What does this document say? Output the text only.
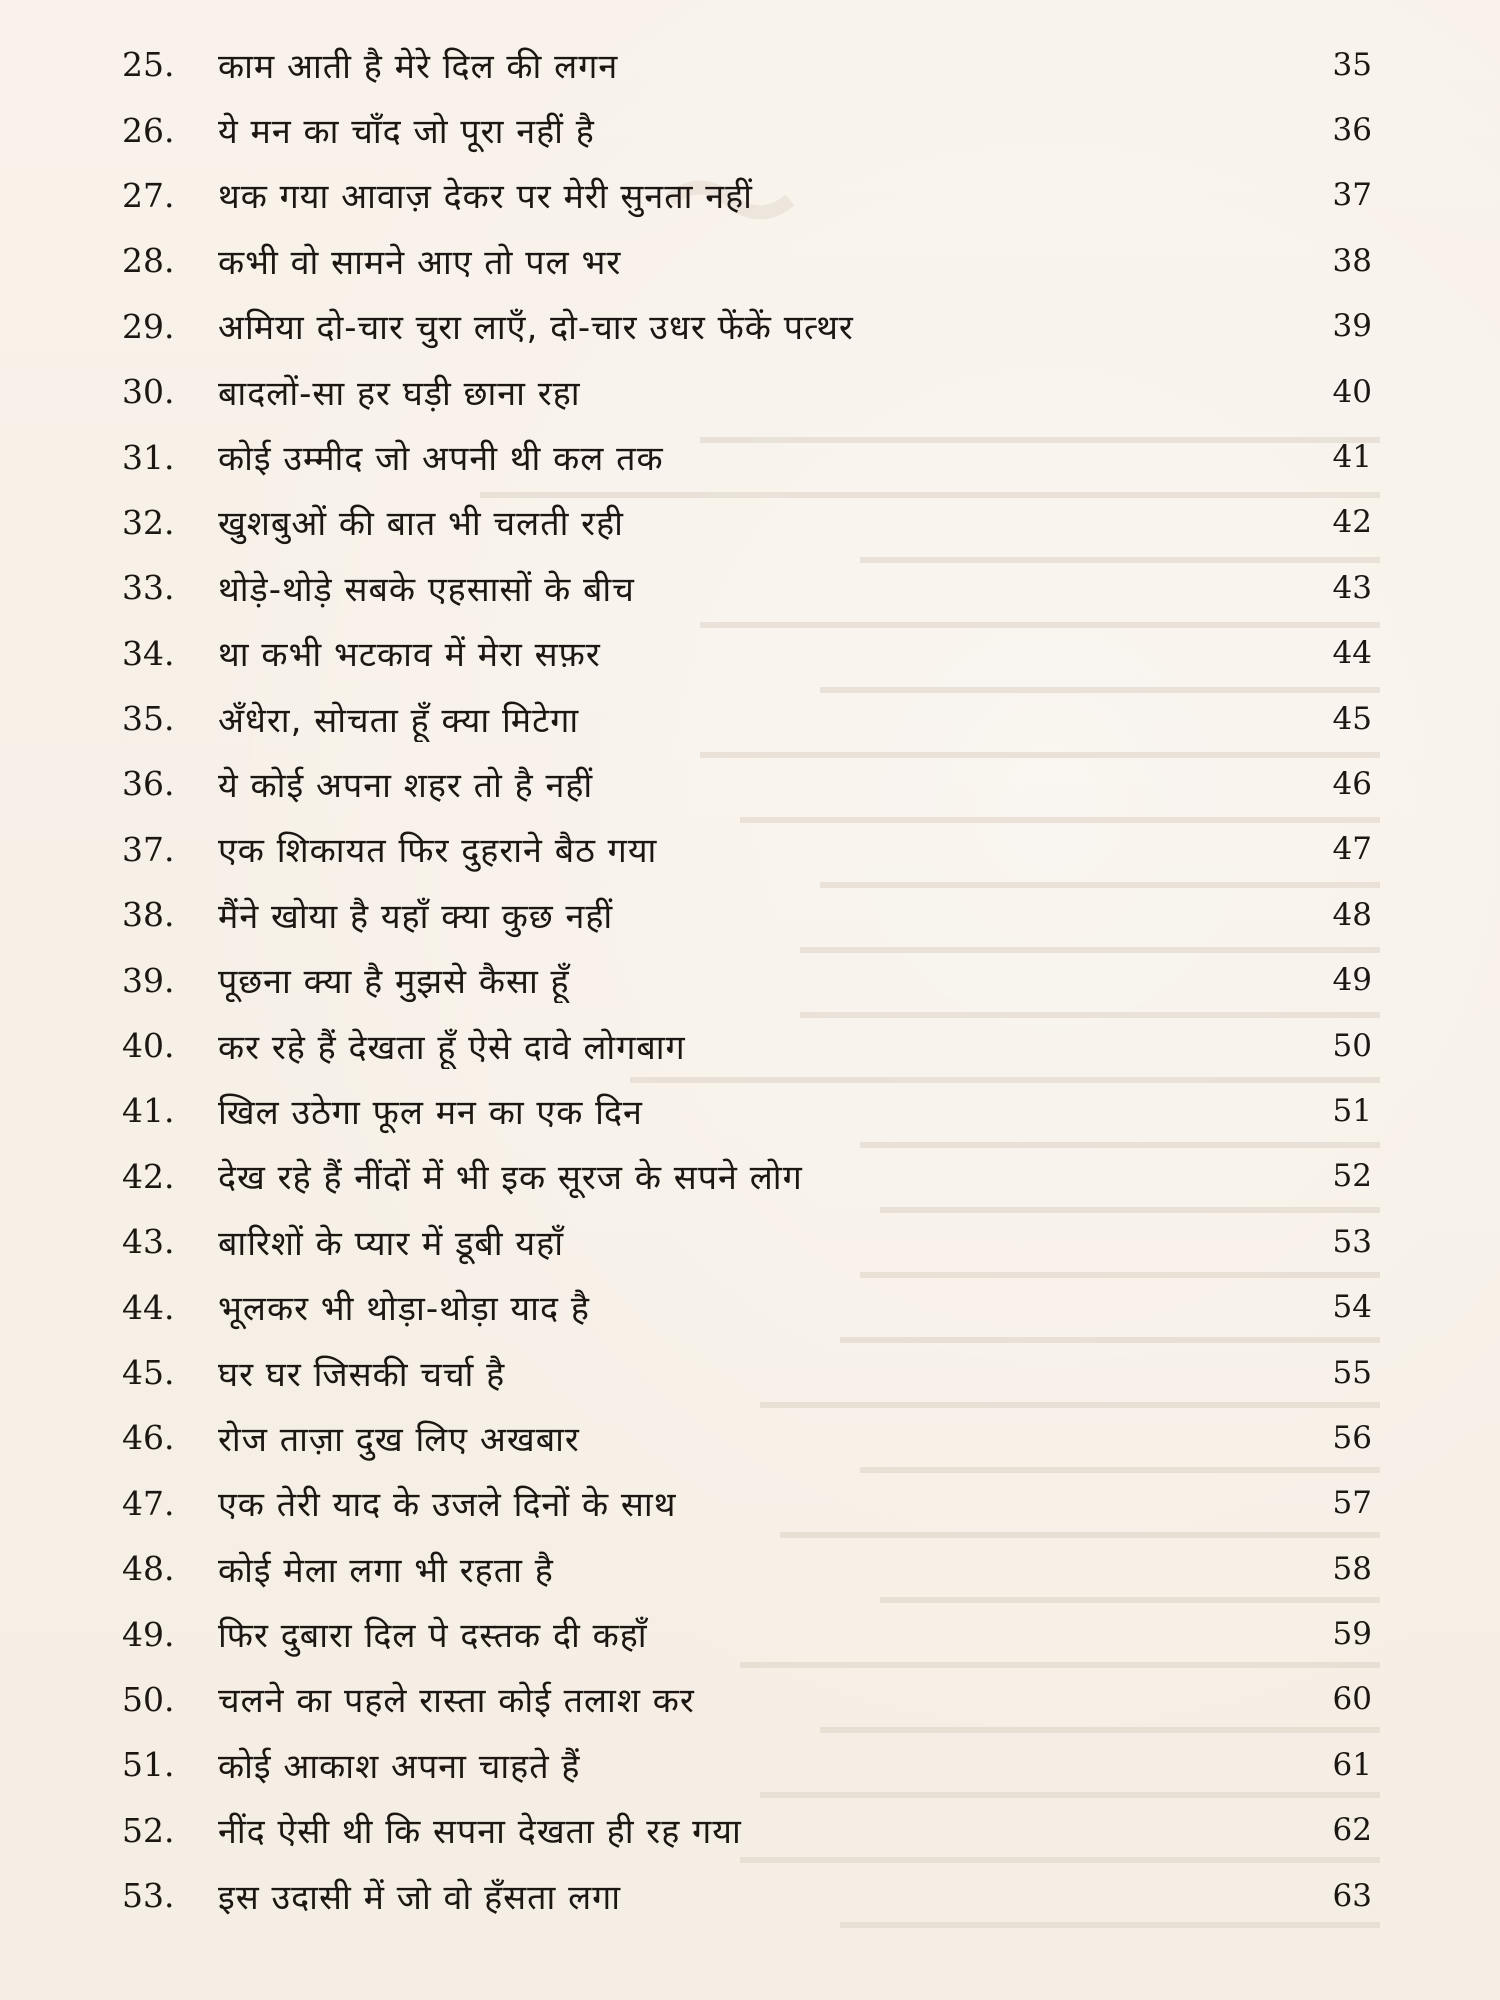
25.	काम आती है मेरे दिल की लगन	35
26.	ये मन का चाँद जो पूरा नहीं है	36
27.	थक गया आवाज़ देकर पर मेरी सुनता नहीं	37
28.	कभी वो सामने आए तो पल भर	38
29.	अमिया दो-चार चुरा लाएँ, दो-चार उधर फेंकें पत्थर	39
30.	बादलों-सा हर घड़ी छाना रहा	40
31.	कोई उम्मीद जो अपनी थी कल तक	41
32.	खुशबुओं की बात भी चलती रही	42
33.	थोड़े-थोड़े सबके एहसासों के बीच	43
34.	था कभी भटकाव में मेरा सफ़र	44
35.	अँधेरा, सोचता हूँ क्या मिटेगा	45
36.	ये कोई अपना शहर तो है नहीं	46
37.	एक शिकायत फिर दुहराने बैठ गया	47
38.	मैंने खोया है यहाँ क्या कुछ नहीं	48
39.	पूछना क्या है मुझसे कैसा हूँ	49
40.	कर रहे हैं देखता हूँ ऐसे दावे लोगबाग	50
41.	खिल उठेगा फूल मन का एक दिन	51
42.	देख रहे हैं नींदों में भी इक सूरज के सपने लोग	52
43.	बारिशों के प्यार में डूबी यहाँ	53
44.	भूलकर भी थोड़ा-थोड़ा याद है	54
45.	घर घर जिसकी चर्चा है	55
46.	रोज ताज़ा दुख लिए अखबार	56
47.	एक तेरी याद के उजले दिनों के साथ	57
48.	कोई मेला लगा भी रहता है	58
49.	फिर दुबारा दिल पे दस्तक दी कहाँ	59
50.	चलने का पहले रास्ता कोई तलाश कर	60
51.	कोई आकाश अपना चाहते हैं	61
52.	नींद ऐसी थी कि सपना देखता ही रह गया	62
53.	इस उदासी में जो वो हँसता लगा	63
